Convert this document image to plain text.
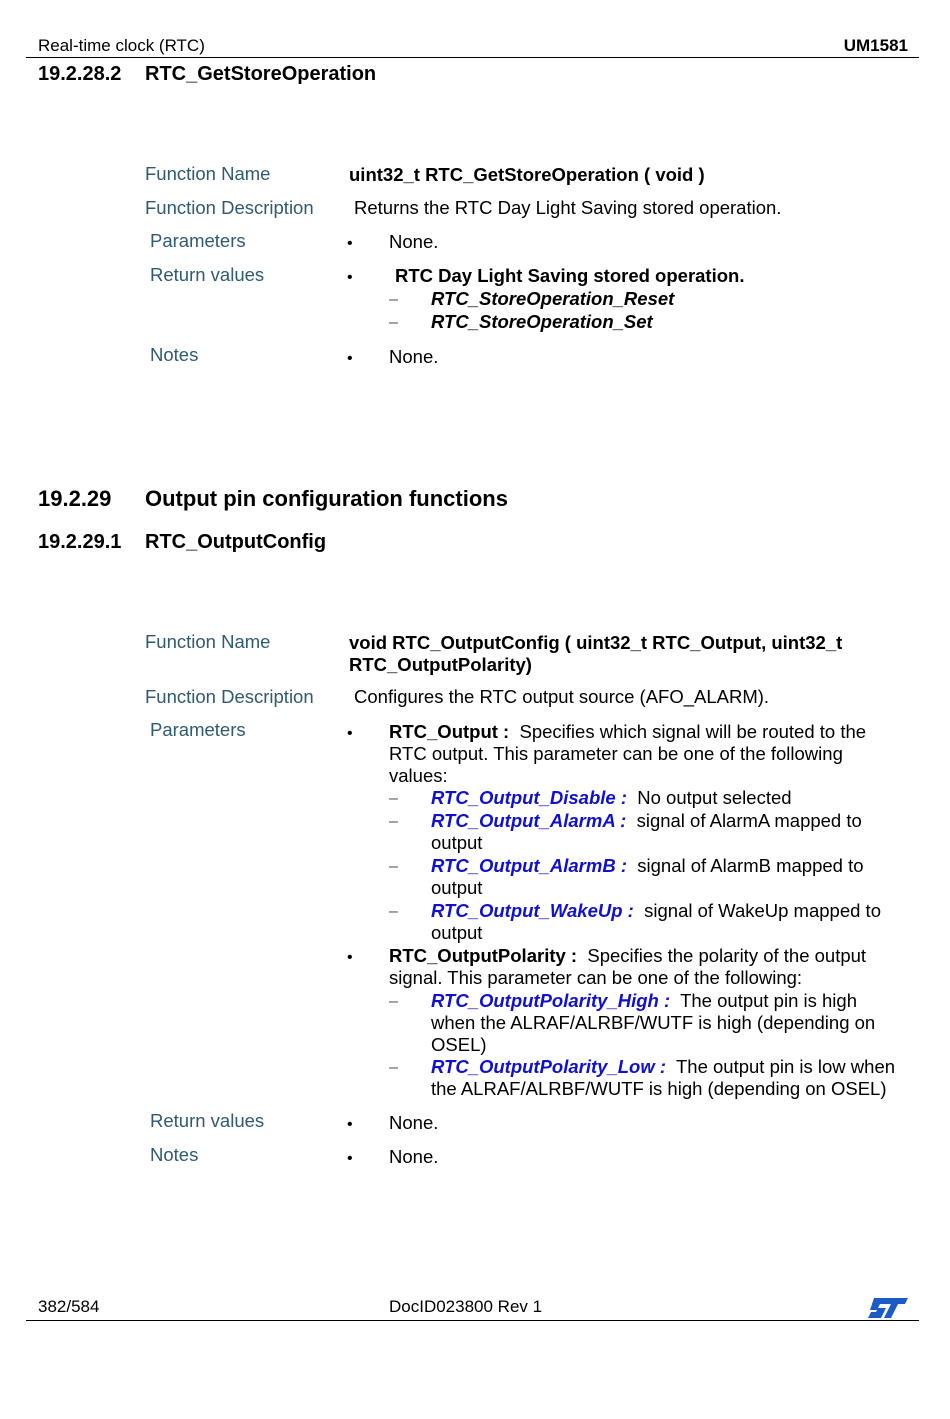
Real-time clock (RTC)	UM1581
19.2.28.2 RTC_GetStoreOperation
Function Name	uint32_t RTC_GetStoreOperation ( void )
Function Description Returns the RTC Day Light Saving stored operation.
Parameters	• None.
Return values	• RTC Day Light Saving stored operation.
– RTC_StoreOperation_Reset
– RTC_StoreOperation_Set
Notes	• None.
19.2.29 Output pin configuration functions
19.2.29.1 RTC_OutputConfig
Function Name	void RTC_OutputConfig ( uint32_t RTC_Output, uint32_t
RTC_OutputPolarity)
Function Description Configures the RTC output source (AFO_ALARM).
Parameters	• RTC_Output : Specifies which signal will be routed to the
RTC output. This parameter can be one of the following
values:
– RTC_Output_Disable : No output selected
– RTC_Output_AlarmA : signal of AlarmA mapped to
output
– RTC_Output_AlarmB : signal of AlarmB mapped to
output
– RTC_Output_WakeUp : signal of WakeUp mapped to
output
• RTC_OutputPolarity : Specifies the polarity of the output
signal. This parameter can be one of the following:
– RTC_OutputPolarity_High : The output pin is high
when the ALRAF/ALRBF/WUTF is high (depending on
OSEL)
– RTC_OutputPolarity_Low : The output pin is low when
the ALRAF/ALRBF/WUTF is high (depending on OSEL)
Return values	• None.
Notes	• None.
382/584	DocID023800 Rev 1
